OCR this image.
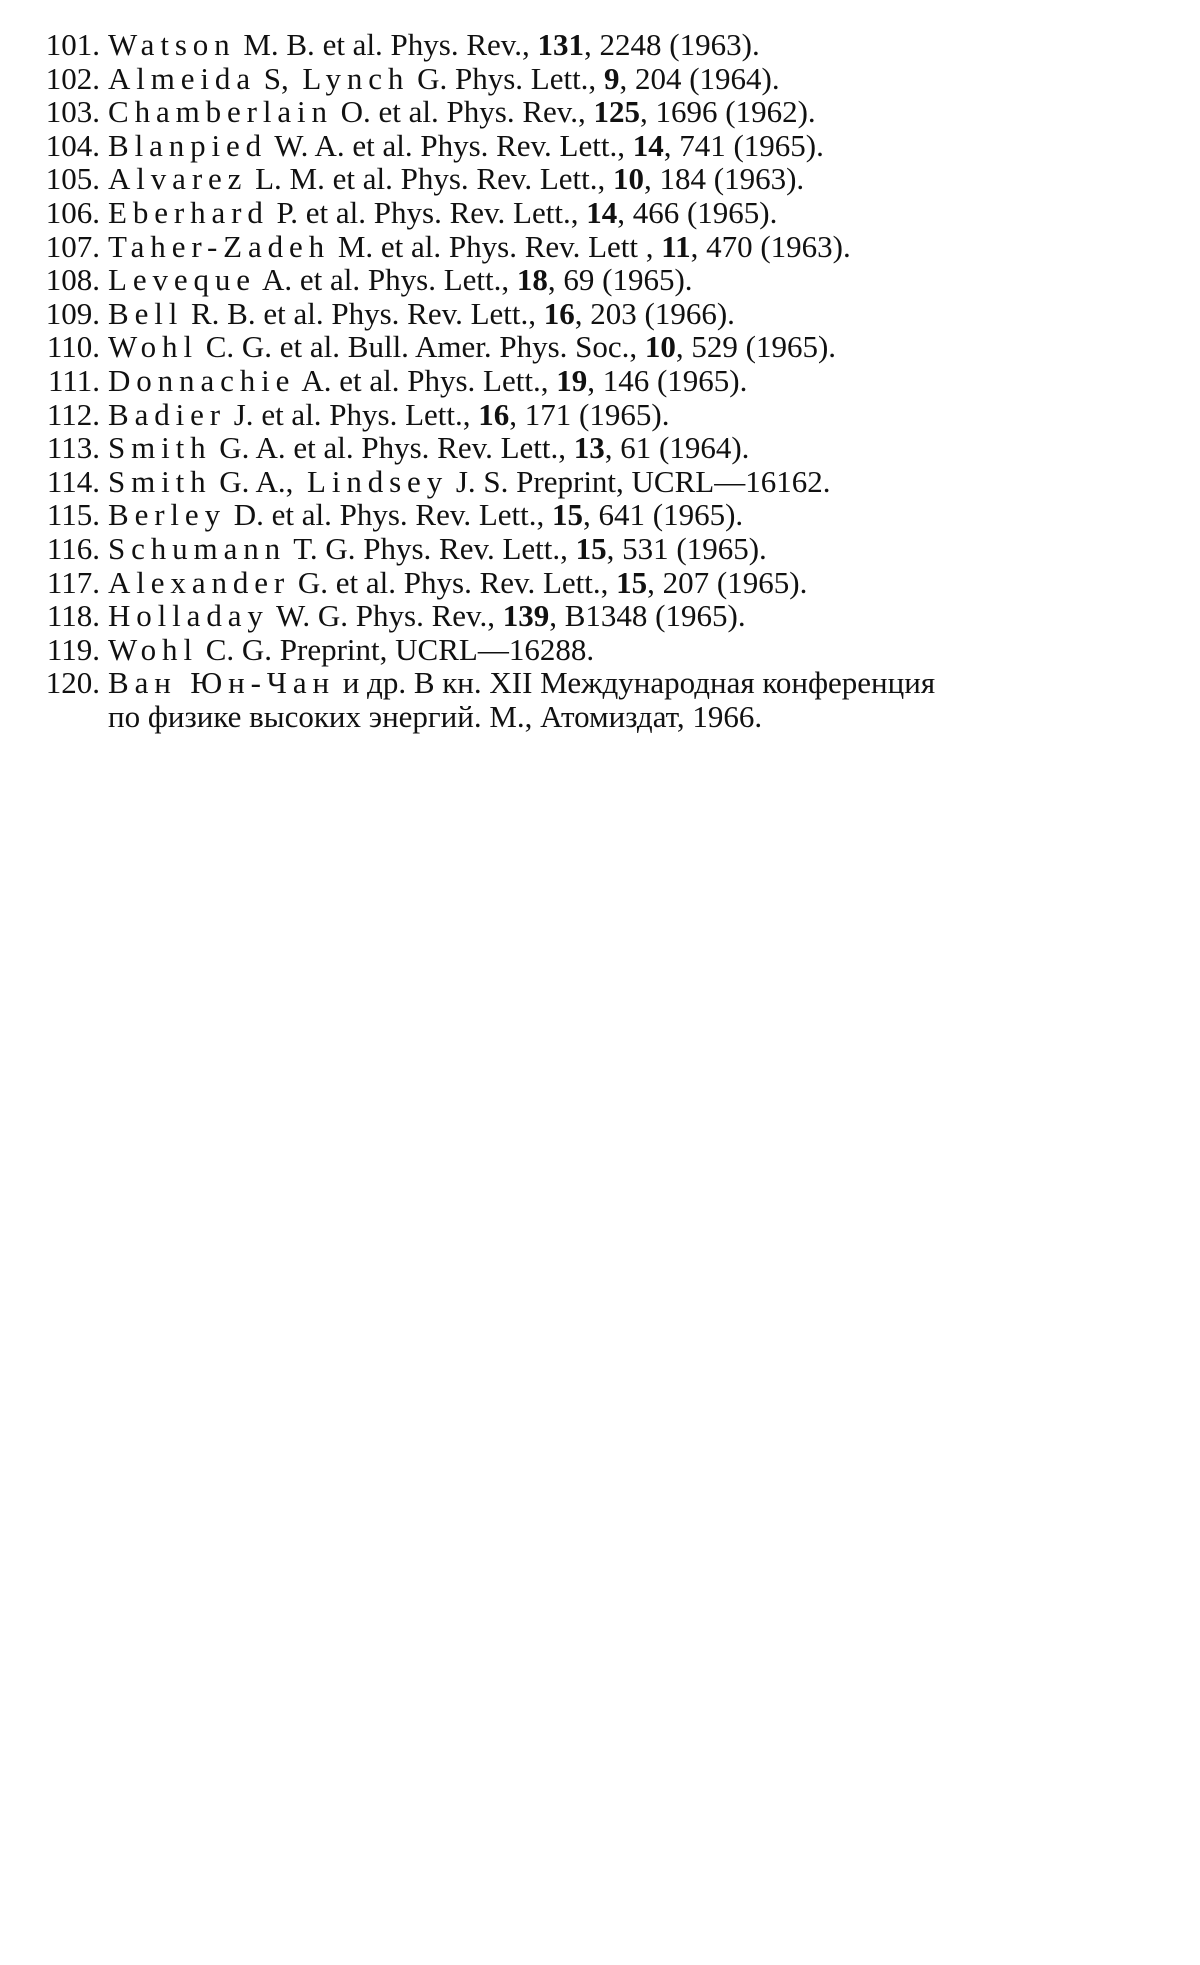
101. Watson M. B. et al. Phys. Rev., 131, 2248 (1963).
102. Almeida S, Lynch G. Phys. Lett., 9, 204 (1964).
103. Chamberlain O. et al. Phys. Rev., 125, 1696 (1962).
104. Blanpied W. A. et al. Phys. Rev. Lett., 14, 741 (1965).
105. Alvarez L. M. et al. Phys. Rev. Lett., 10, 184 (1963).
106. Eberhard P. et al. Phys. Rev. Lett., 14, 466 (1965).
107. Taher-Zadeh M. et al. Phys. Rev. Lett , 11, 470 (1963).
108. Leveque A. et al. Phys. Lett., 18, 69 (1965).
109. Bell R. B. et al. Phys. Rev. Lett., 16, 203 (1966).
110. Wohl C. G. et al. Bull. Amer. Phys. Soc., 10, 529 (1965).
111. Donnachie A. et al. Phys. Lett., 19, 146 (1965).
112. Badier J. et al. Phys. Lett., 16, 171 (1965).
113. Smith G. A. et al. Phys. Rev. Lett., 13, 61 (1964).
114. Smith G. A., Lindsey J. S. Preprint, UCRL—16162.
115. Berley D. et al. Phys. Rev. Lett., 15, 641 (1965).
116. Schumann T. G. Phys. Rev. Lett., 15, 531 (1965).
117. Alexander G. et al. Phys. Rev. Lett., 15, 207 (1965).
118. Holladay W. G. Phys. Rev., 139, B1348 (1965).
119. Wohl C. G. Preprint, UCRL—16288.
120. Ван Юн-Чан и др. В кн. XII Международная конференция
по физике высоких энергий. М., Атомиздат, 1966.
